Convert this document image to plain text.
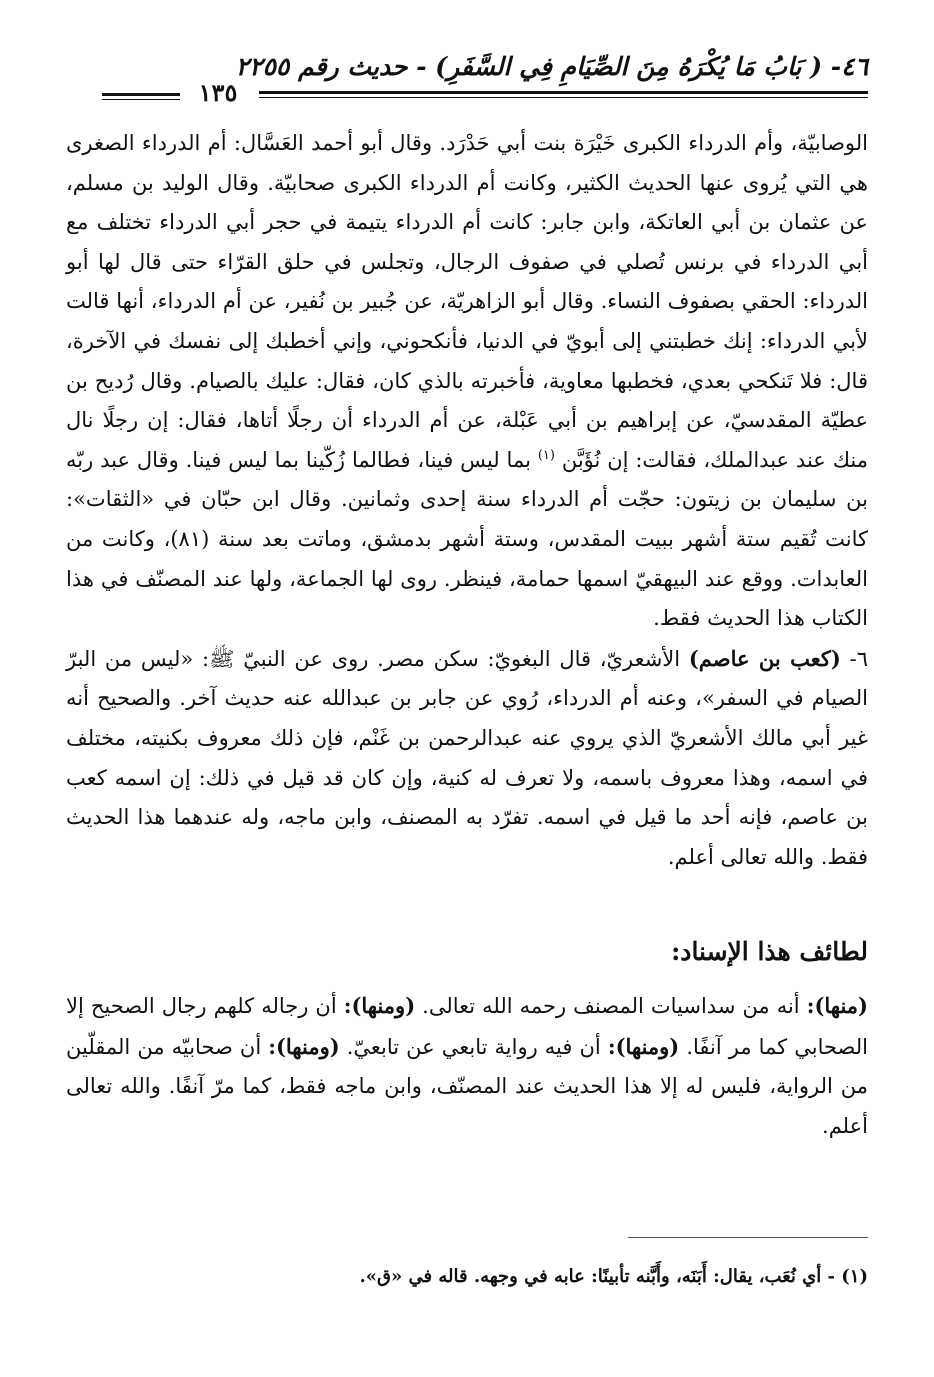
٤٦- ( بَابُ مَا يُكْرَهُ مِنَ الصِّيَامِ فِي السَّفَرِ) - حديث رقم ٢٢٥٥
١٣٥

الوصابيّة، وأم الدرداء الكبرى خَيْرَة بنت أبي حَدْرَد. وقال أبو أحمد العَسَّال: أم الدرداء الصغرى هي التي يُروى عنها الحديث الكثير، وكانت أم الدرداء الكبرى صحابيّة. وقال الوليد بن مسلم، عن عثمان بن أبي العاتكة، وابن جابر: كانت أم الدرداء يتيمة في حجر أبي الدرداء تختلف مع أبي الدرداء في برنس تُصلي في صفوف الرجال، وتجلس في حلق القرّاء حتى قال لها أبو الدرداء: الحقي بصفوف النساء. وقال أبو الزاهريّة، عن جُبير بن نُفير، عن أم الدرداء، أنها قالت لأبي الدرداء: إنك خطبتني إلى أبويّ في الدنيا، فأنكحوني، وإني أخطبك إلى نفسك في الآخرة، قال: فلا تَنكحي بعدي، فخطبها معاوية، فأخبرته بالذي كان، فقال: عليك بالصيام. وقال رُديح بن عطيّة المقدسيّ، عن إبراهيم بن أبي عَبْلة، عن أم الدرداء أن رجلًا أتاها، فقال: إن رجلًا نال منك عند عبدالملك، فقالت: إن نُؤَبَّن $^{(١)}$ بما ليس فينا، فطالما زُكّينا بما ليس فينا. وقال عبد ربّه بن سليمان بن زيتون: حجّت أم الدرداء سنة إحدى وثمانين. وقال ابن حبّان في «الثقات»: كانت تُقيم ستة أشهر ببيت المقدس، وستة أشهر بدمشق، وماتت بعد سنة (٨١)، وكانت من العابدات. ووقع عند البيهقيّ اسمها حمامة، فينظر. روى لها الجماعة، ولها عند المصنّف في هذا الكتاب هذا الحديث فقط.

٦- (كعب بن عاصم) الأشعريّ، قال البغويّ: سكن مصر. روى عن النبيّ ﷺ: «ليس من البرّ الصيام في السفر»، وعنه أم الدرداء، رُوي عن جابر بن عبدالله عنه حديث آخر. والصحيح أنه غير أبي مالك الأشعريّ الذي يروي عنه عبدالرحمن بن غَنْم، فإن ذلك معروف بكنيته، مختلف في اسمه، وهذا معروف باسمه، ولا تعرف له كنية، وإن كان قد قيل في ذلك: إن اسمه كعب بن عاصم، فإنه أحد ما قيل في اسمه. تفرّد به المصنف، وابن ماجه، وله عندهما هذا الحديث فقط. والله تعالى أعلم.

لطائف هذا الإسناد:

(منها): أنه من سداسيات المصنف رحمه الله تعالى. (ومنها): أن رجاله كلهم رجال الصحيح إلا الصحابي كما مر آنفًا. (ومنها): أن فيه رواية تابعي عن تابعيّ. (ومنها): أن صحابيّه من المقلّين من الرواية، فليس له إلا هذا الحديث عند المصنّف، وابن ماجه فقط، كما مرّ آنفًا. والله تعالى أعلم.

(١) - أي نُعَب، يقال: أَبَنَه، وأَبَّنه تأبينًا: عابه في وجهه. قاله في «ق».
